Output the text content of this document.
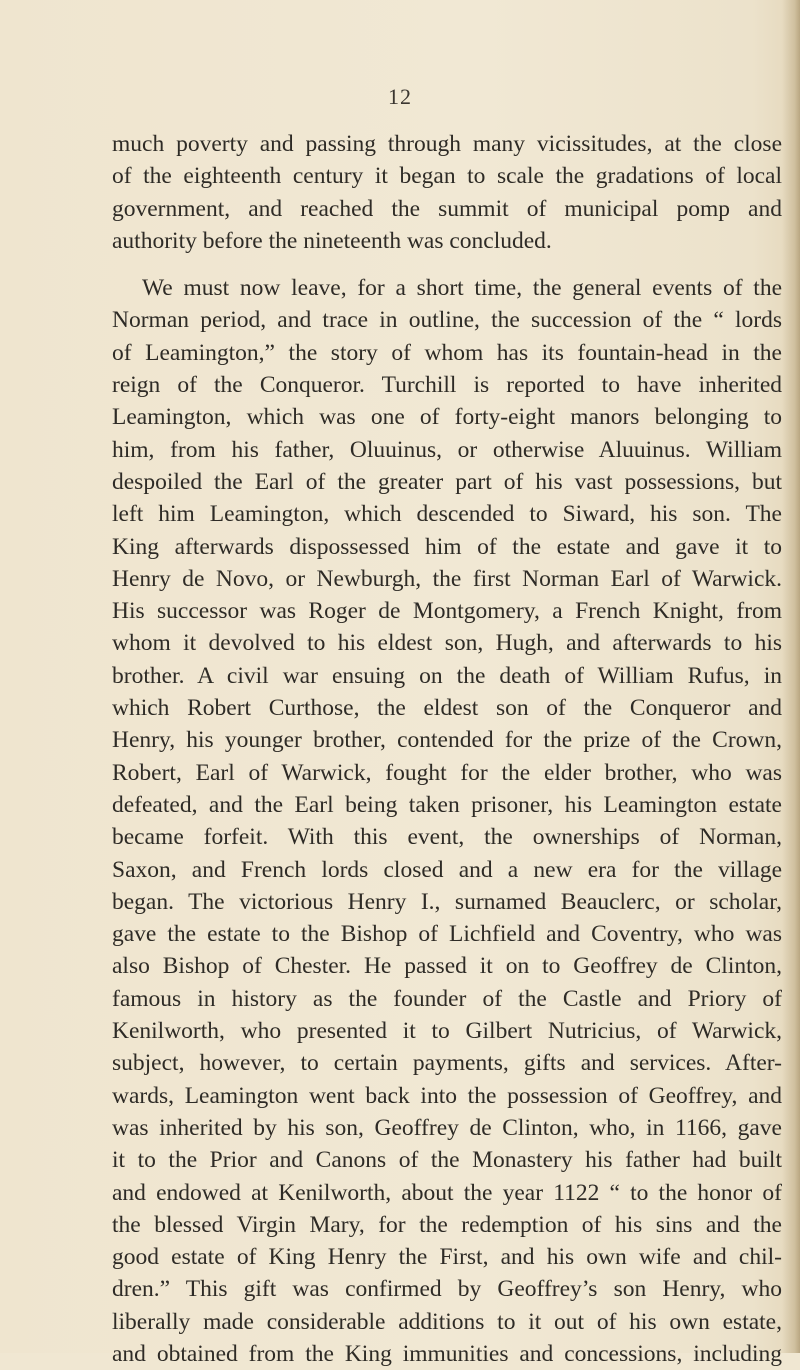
12

much poverty and passing through many vicissitudes, at the close
of the eighteenth century it began to scale the gradations of local
government, and reached the summit of municipal pomp and
authority before the nineteenth was concluded.

We must now leave, for a short time, the general events of the
Norman period, and trace in outline, the succession of the “ lords
of Leamington,” the story of whom has its fountain-head in the
reign of the Conqueror. Turchill is reported to have inherited
Leamington, which was one of forty-eight manors belonging to
him, from his father, Oluuinus, or otherwise Aluuinus. William
despoiled the Earl of the greater part of his vast possessions, but
left him Leamington, which descended to Siward, his son. The
King afterwards dispossessed him of the estate and gave it to
Henry de Novo, or Newburgh, the first Norman Earl of Warwick.
His successor was Roger de Montgomery, a French Knight, from
whom it devolved to his eldest son, Hugh, and afterwards to his
brother. A civil war ensuing on the death of William Rufus, in
which Robert Curthose, the eldest son of the Conqueror and
Henry, his younger brother, contended for the prize of the Crown,
Robert, Earl of Warwick, fought for the elder brother, who was
defeated, and the Earl being taken prisoner, his Leamington estate
became forfeit. With this event, the ownerships of Norman,
Saxon, and French lords closed and a new era for the village
began. The victorious Henry I., surnamed Beauclerc, or scholar,
gave the estate to the Bishop of Lichfield and Coventry, who was
also Bishop of Chester. He passed it on to Geoffrey de Clinton,
famous in history as the founder of the Castle and Priory of
Kenilworth, who presented it to Gilbert Nutricius, of Warwick,
subject, however, to certain payments, gifts and services. After-
wards, Leamington went back into the possession of Geoffrey, and
was inherited by his son, Geoffrey de Clinton, who, in 1166, gave
it to the Prior and Canons of the Monastery his father had built
and endowed at Kenilworth, about the year 1122 “ to the honor of
the blessed Virgin Mary, for the redemption of his sins and the
good estate of King Henry the First, and his own wife and chil-
dren.” This gift was confirmed by Geoffrey’s son Henry, who
liberally made considerable additions to it out of his own estate,
and obtained from the King immunities and concessions, including
